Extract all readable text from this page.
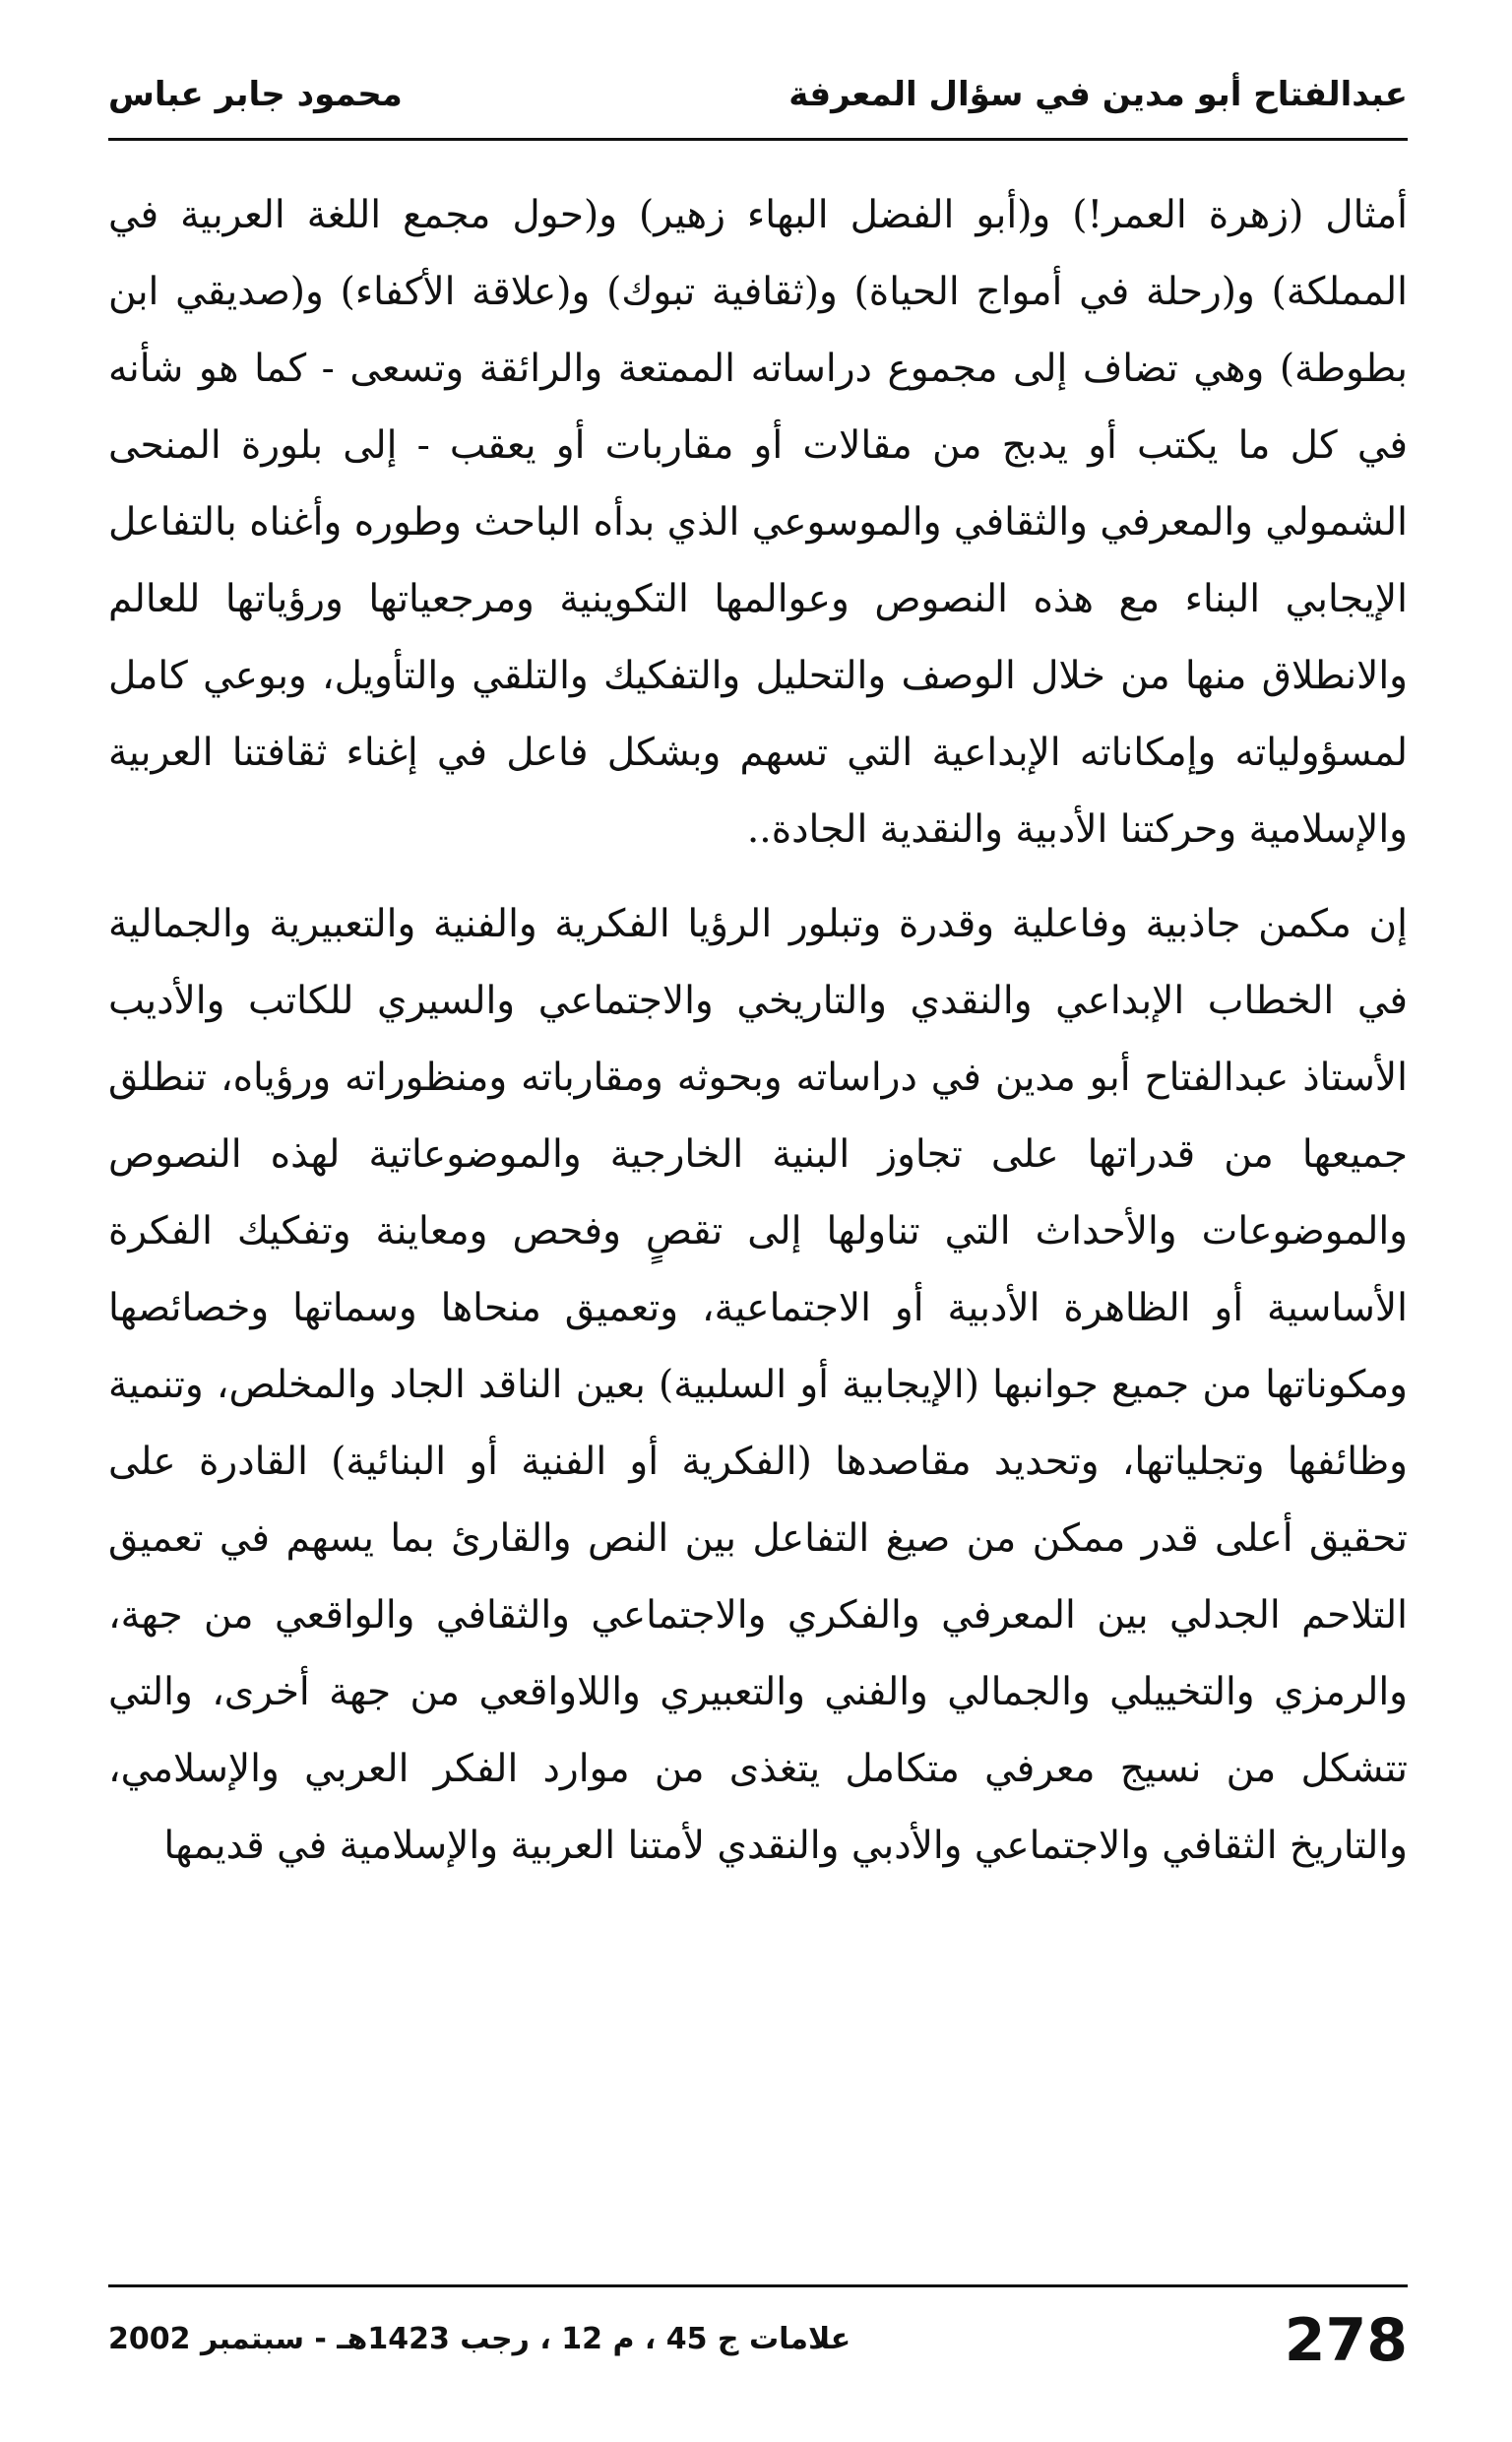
عبدالفتاح أبو مدين في سؤال المعرفة
محمود جابر عباس

أمثال (زهرة العمر!) و(أبو الفضل البهاء زهير) و(حول مجمع اللغة العربية في المملكة) و(رحلة في أمواج الحياة) و(ثقافية تبوك) و(علاقة الأكفاء) و(صديقي ابن بطوطة) وهي تضاف إلى مجموع دراساته الممتعة والرائقة وتسعى - كما هو شأنه في كل ما يكتب أو يدبج من مقالات أو مقاربات أو يعقب - إلى بلورة المنحى الشمولي والمعرفي والثقافي والموسوعي الذي بدأه الباحث وطوره وأغناه بالتفاعل الإيجابي البناء مع هذه النصوص وعوالمها التكوينية ومرجعياتها ورؤياتها للعالم والانطلاق منها من خلال الوصف والتحليل والتفكيك والتلقي والتأويل، وبوعي كامل لمسؤولياته وإمكاناته الإبداعية التي تسهم وبشكل فاعل في إغناء ثقافتنا العربية والإسلامية وحركتنا الأدبية والنقدية الجادة..

إن مكمن جاذبية وفاعلية وقدرة وتبلور الرؤيا الفكرية والفنية والتعبيرية والجمالية في الخطاب الإبداعي والنقدي والتاريخي والاجتماعي والسيري للكاتب والأديب الأستاذ عبدالفتاح أبو مدين في دراساته وبحوثه ومقارباته ومنظوراته ورؤياه، تنطلق جميعها من قدراتها على تجاوز البنية الخارجية والموضوعاتية لهذه النصوص والموضوعات والأحداث التي تناولها إلى تقصٍ وفحص ومعاينة وتفكيك الفكرة الأساسية أو الظاهرة الأدبية أو الاجتماعية، وتعميق منحاها وسماتها وخصائصها ومكوناتها من جميع جوانبها (الإيجابية أو السلبية) بعين الناقد الجاد والمخلص، وتنمية وظائفها وتجلياتها، وتحديد مقاصدها (الفكرية أو الفنية أو البنائية) القادرة على تحقيق أعلى قدر ممكن من صيغ التفاعل بين النص والقارئ بما يسهم في تعميق التلاحم الجدلي بين المعرفي والفكري والاجتماعي والثقافي والواقعي من جهة، والرمزي والتخييلي والجمالي والفني والتعبيري واللاواقعي من جهة أخرى، والتي تتشكل من نسيج معرفي متكامل يتغذى من موارد الفكر العربي والإسلامي، والتاريخ الثقافي والاجتماعي والأدبي والنقدي لأمتنا العربية والإسلامية في قديمها

278
علامات ج 45 ، م 12 ، رجب 1423هـ - سبتمبر 2002
